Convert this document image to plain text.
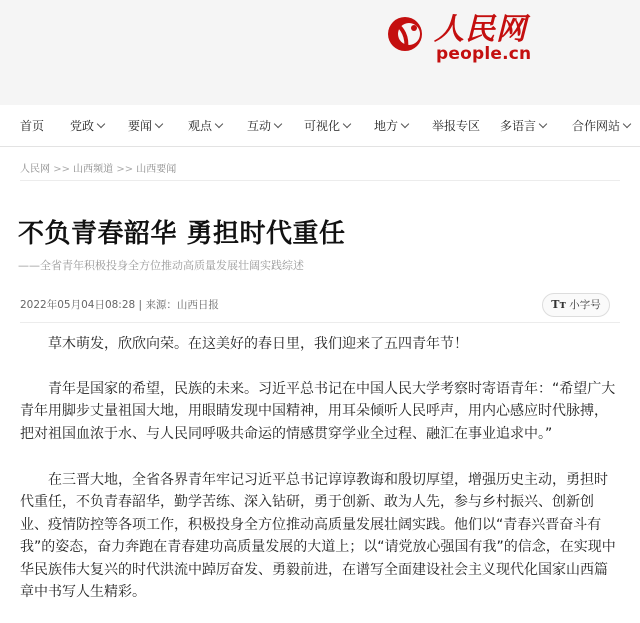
人民网
people.cn
首页 党政	要闻	观点	互动	可视化	地方	举报专区 多语言	合作网站
人民网 >> 山西频道 >> 山西要闻
不负青春韶华 勇担时代重任
——全省青年积极投身全方位推动高质量发展壮阔实践综述
2022年05月04日08:28 | 来源：山西日报	Tт 小字号

草木萌发，欣欣向荣。在这美好的春日里，我们迎来了五四青年节！

青年是国家的希望，民族的未来。习近平总书记在中国人民大学考察时寄语青年：“希望广大青年用脚步丈量祖国大地，用眼睛发现中国精神，用耳朵倾听人民呼声，用内心感应时代脉搏，把对祖国血浓于水、与人民同呼吸共命运的情感贯穿学业全过程、融汇在事业追求中。”

在三晋大地，全省各界青年牢记习近平总书记谆谆教诲和殷切厚望，增强历史主动，勇担时代重任，不负青春韶华，勤学苦练、深入钻研，勇于创新、敢为人先，参与乡村振兴、创新创业、疫情防控等各项工作，积极投身全方位推动高质量发展壮阔实践。他们以“青春兴晋奋斗有我”的姿态，奋力奔跑在青春建功高质量发展的大道上；以“请党放心强国有我”的信念，在实现中华民族伟大复兴的时代洪流中踔厉奋发、勇毅前进，在谱写全面建设社会主义现代化国家山西篇章中书写人生精彩。
